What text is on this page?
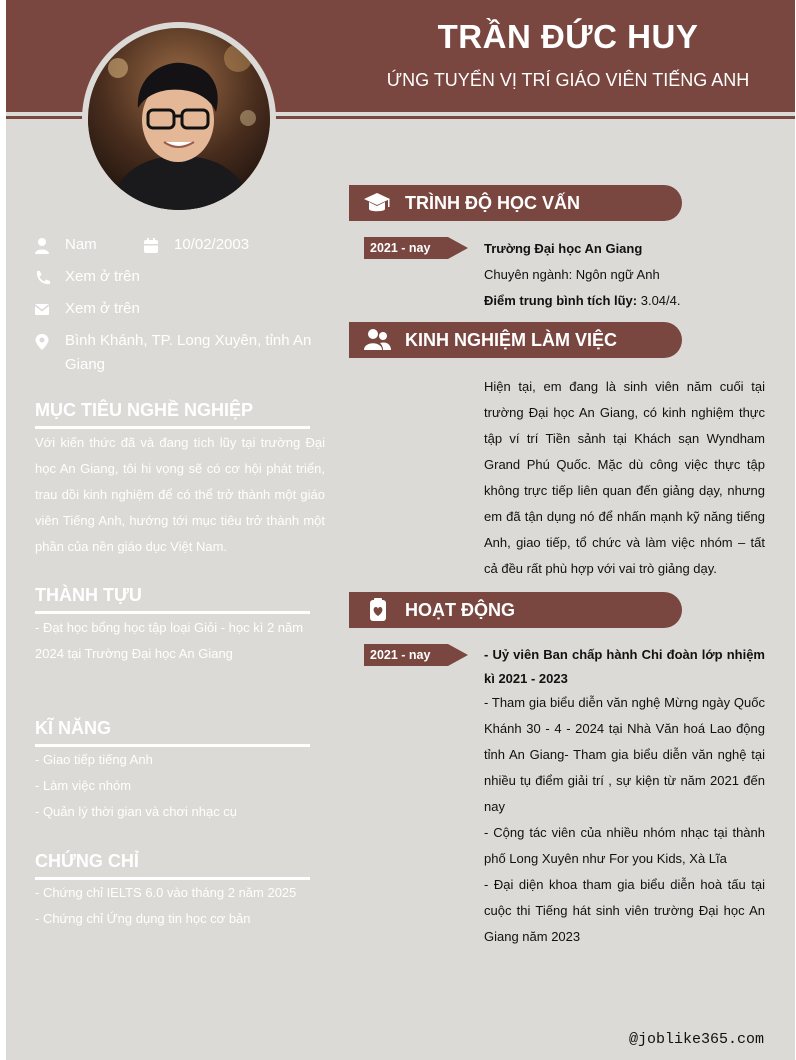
TRẦN ĐỨC HUY
ỨNG TUYỂN VỊ TRÍ GIÁO VIÊN TIẾNG ANH
Nam	10/02/2003
Xem ở trên
Xem ở trên
Bình Khánh, TP. Long Xuyên, tỉnh An Giang
MỤC TIÊU NGHỀ NGHIỆP
Với kiến thức đã và đang tích lũy tại trường Đại học An Giang, tôi hi vọng sẽ có cơ hội phát triển, trau dồi kinh nghiệm để có thể trở thành một giáo viên Tiếng Anh, hướng tới mục tiêu trở thành một phần của nền giáo dục Việt Nam.
THÀNH TỰU
- Đạt học bổng học tập loại Giỏi - học kì 2 năm 2024 tại Trường Đại học An Giang
KĨ NĂNG
- Giao tiếp tiếng Anh
- Làm việc nhóm
- Quản lý thời gian và chơi nhạc cụ
CHỨNG CHỈ
- Chứng chỉ IELTS 6.0 vào tháng 2 năm 2025
- Chứng chỉ Ứng dụng tin học cơ bản
TRÌNH ĐỘ HỌC VẤN
2021 - nay	Trường Đại học An Giang
Chuyên ngành: Ngôn ngữ Anh
Điểm trung bình tích lũy: 3.04/4.
KINH NGHIỆM LÀM VIỆC
Hiện tại, em đang là sinh viên năm cuối tại trường Đại học An Giang, có kinh nghiệm thực tập ví trí Tiền sảnh tại Khách sạn Wyndham Grand Phú Quốc. Mặc dù công việc thực tập không trực tiếp liên quan đến giảng dạy, nhưng em đã tận dụng nó để nhấn mạnh kỹ năng tiếng Anh, giao tiếp, tổ chức và làm việc nhóm – tất cả đều rất phù hợp với vai trò giảng dạy.
HOẠT ĐỘNG
2021 - nay	- Uỷ viên Ban chấp hành Chi đoàn lớp nhiệm kì 2021 - 2023
- Tham gia biểu diễn văn nghệ Mừng ngày Quốc Khánh 30 - 4 - 2024 tại Nhà Văn hoá Lao động tỉnh An Giang- Tham gia biểu diễn văn nghệ tại nhiều tụ điểm giải trí , sự kiện từ năm 2021 đến nay
- Cộng tác viên của nhiều nhóm nhạc tại thành phố Long Xuyên như For you Kids, Xà Lĩa
- Đại diện khoa tham gia biểu diễn hoà tấu tại cuộc thi Tiếng hát sinh viên trường Đại học An Giang năm 2023
@joblike365.com
